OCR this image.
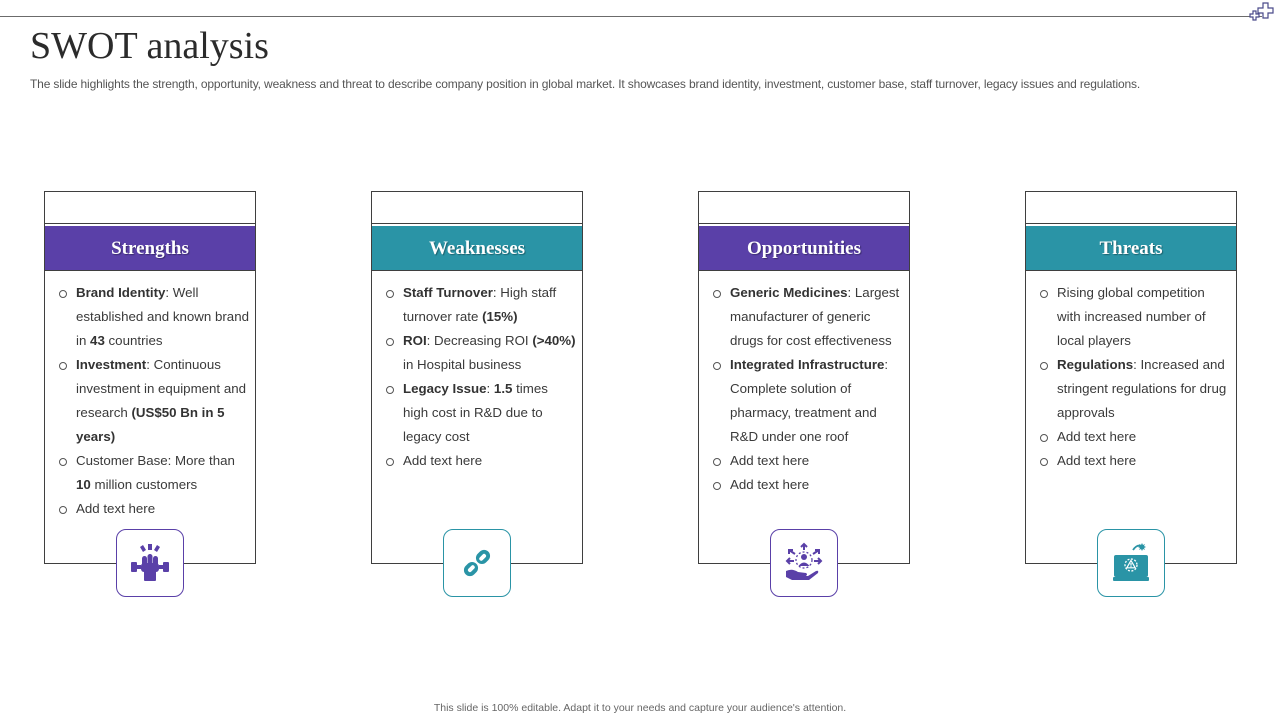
SWOT analysis
The slide highlights the strength, opportunity, weakness and threat to describe company position in global market. It showcases brand identity, investment, customer base, staff turnover, legacy issues and regulations.
Strengths
Brand Identity: Well established and known brand in 43 countries
Investment: Continuous investment in equipment and research (US$50 Bn in 5 years)
Customer Base: More than 10 million customers
Add text here
Weaknesses
Staff Turnover: High staff turnover rate (15%)
ROI: Decreasing ROI (>40%) in Hospital business
Legacy Issue: 1.5 times high cost in R&D due to legacy cost
Add text here
Opportunities
Generic Medicines: Largest manufacturer of generic drugs for cost effectiveness
Integrated Infrastructure: Complete solution of pharmacy, treatment and R&D under one roof
Add text here
Add text here
Threats
Rising global competition with increased number of local players
Regulations: Increased and stringent regulations for drug approvals
Add text here
Add text here
This slide is 100% editable. Adapt it to your needs and capture your audience's attention.
